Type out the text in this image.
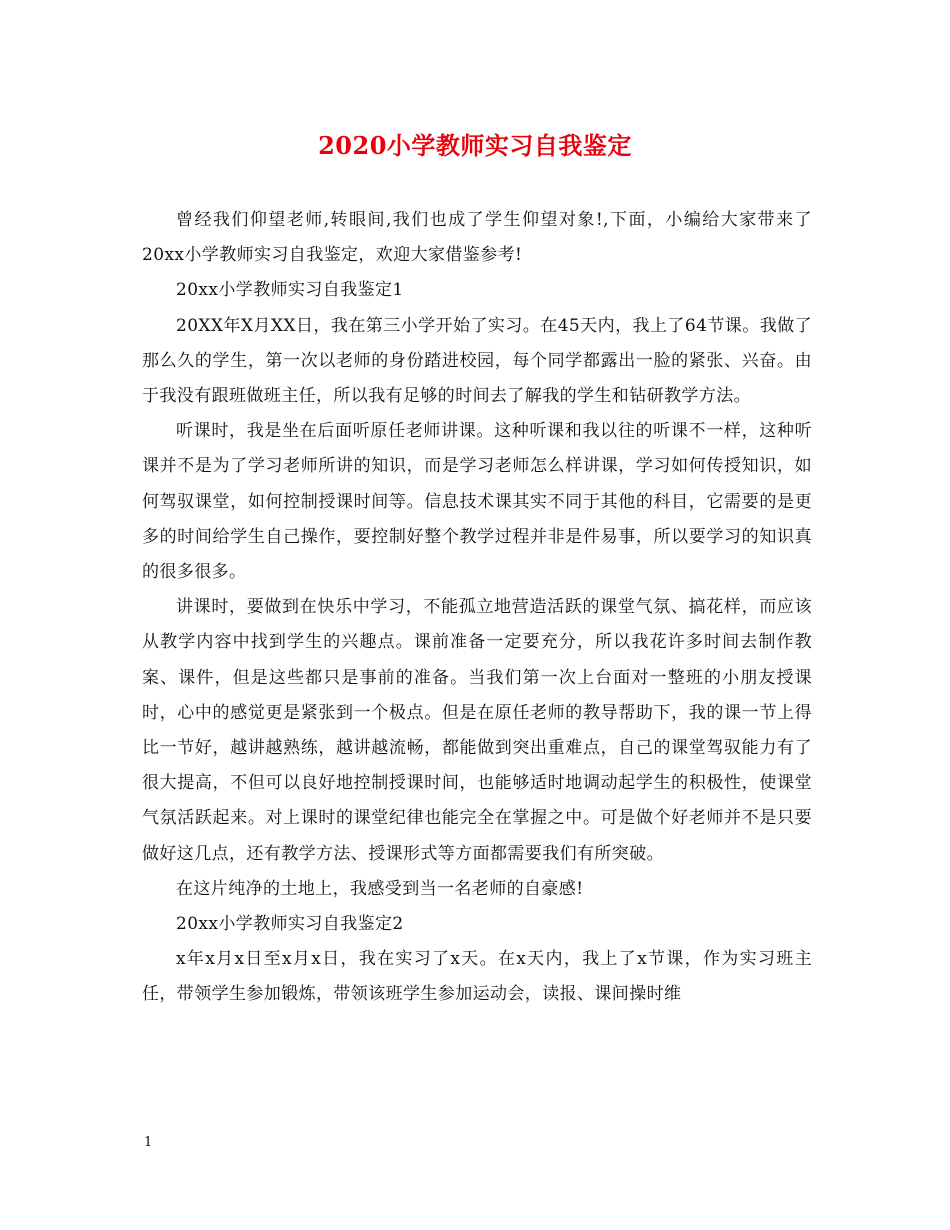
2020小学教师实习自我鉴定

曾经我们仰望老师,转眼间,我们也成了学生仰望对象!,下面，小编给大家带来了20xx小学教师实习自我鉴定，欢迎大家借鉴参考!

20xx小学教师实习自我鉴定1

20XX年X月XX日，我在第三小学开始了实习。在45天内，我上了64节课。我做了那么久的学生，第一次以老师的身份踏进校园，每个同学都露出一脸的紧张、兴奋。由于我没有跟班做班主任，所以我有足够的时间去了解我的学生和钻研教学方法。

听课时，我是坐在后面听原任老师讲课。这种听课和我以往的听课不一样，这种听课并不是为了学习老师所讲的知识，而是学习老师怎么样讲课，学习如何传授知识，如何驾驭课堂，如何控制授课时间等。信息技术课其实不同于其他的科目，它需要的是更多的时间给学生自己操作，要控制好整个教学过程并非是件易事，所以要学习的知识真的很多很多。

讲课时，要做到在快乐中学习，不能孤立地营造活跃的课堂气氛、搞花样，而应该从教学内容中找到学生的兴趣点。课前准备一定要充分，所以我花许多时间去制作教案、课件，但是这些都只是事前的准备。当我们第一次上台面对一整班的小朋友授课时，心中的感觉更是紧张到一个极点。但是在原任老师的教导帮助下，我的课一节上得比一节好，越讲越熟练，越讲越流畅，都能做到突出重难点，自己的课堂驾驭能力有了很大提高，不但可以良好地控制授课时间，也能够适时地调动起学生的积极性，使课堂气氛活跃起来。对上课时的课堂纪律也能完全在掌握之中。可是做个好老师并不是只要做好这几点，还有教学方法、授课形式等方面都需要我们有所突破。

在这片纯净的土地上，我感受到当一名老师的自豪感!

20xx小学教师实习自我鉴定2

x年x月x日至x月x日，我在实习了x天。在x天内，我上了x节课，作为实习班主任，带领学生参加锻炼，带领该班学生参加运动会，读报、课间操时维

1
